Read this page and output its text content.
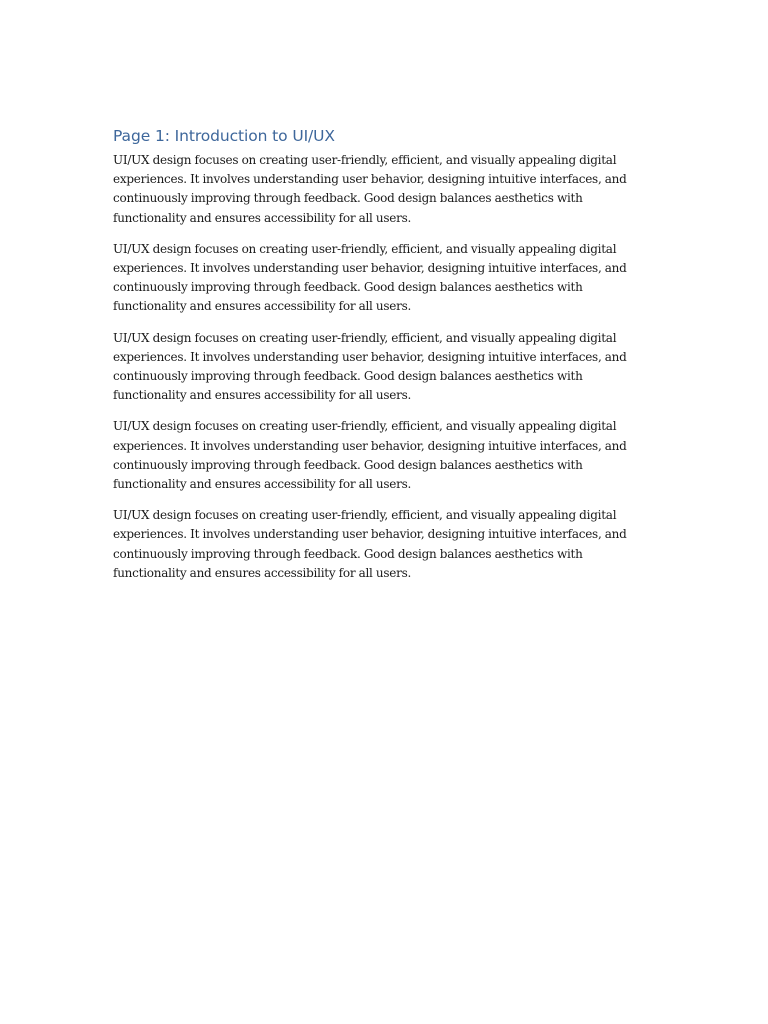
Page 1: Introduction to UI/UX

UI/UX design focuses on creating user-friendly, efficient, and visually appealing digital experiences. It involves understanding user behavior, designing intuitive interfaces, and continuously improving through feedback. Good design balances aesthetics with functionality and ensures accessibility for all users.

UI/UX design focuses on creating user-friendly, efficient, and visually appealing digital experiences. It involves understanding user behavior, designing intuitive interfaces, and continuously improving through feedback. Good design balances aesthetics with functionality and ensures accessibility for all users.

UI/UX design focuses on creating user-friendly, efficient, and visually appealing digital experiences. It involves understanding user behavior, designing intuitive interfaces, and continuously improving through feedback. Good design balances aesthetics with functionality and ensures accessibility for all users.

UI/UX design focuses on creating user-friendly, efficient, and visually appealing digital experiences. It involves understanding user behavior, designing intuitive interfaces, and continuously improving through feedback. Good design balances aesthetics with functionality and ensures accessibility for all users.

UI/UX design focuses on creating user-friendly, efficient, and visually appealing digital experiences. It involves understanding user behavior, designing intuitive interfaces, and continuously improving through feedback. Good design balances aesthetics with functionality and ensures accessibility for all users.
